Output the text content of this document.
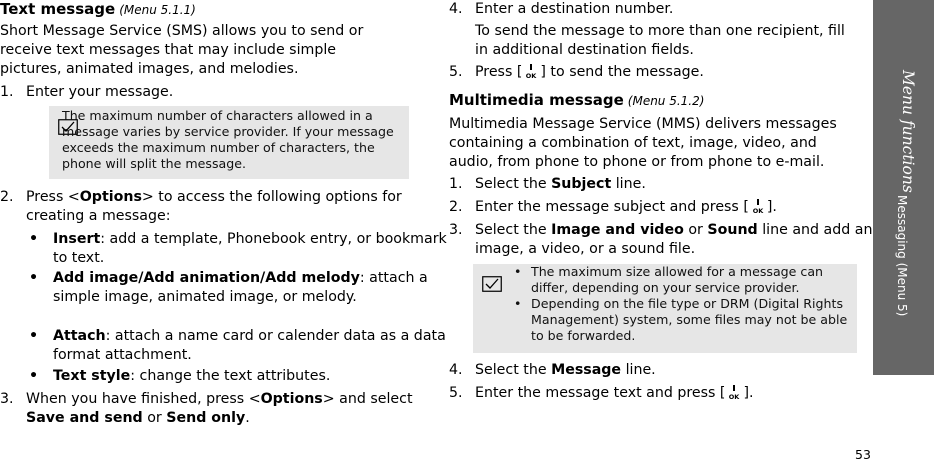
Text message (Menu 5.1.1)

Short Message Service (SMS) allows you to send or receive text messages that may include simple pictures, animated images, and melodies.

1. Enter your message.
The maximum number of characters allowed in a message varies by service provider. If your message exceeds the maximum number of characters, the phone will split the message.
2. Press <Options> to access the following options for creating a message:
• Insert: add a template, Phonebook entry, or bookmark to text.
• Add image/Add animation/Add melody: attach a simple image, animated image, or melody.
• Attach: attach a name card or calender data as a data format attachment.
• Text style: change the text attributes.
3. When you have finished, press <Options> and select Save and send or Send only.
4. Enter a destination number.

To send the message to more than one recipient, fill in additional destination fields.

5. Press [ OK ] to send the message.
Multimedia message (Menu 5.1.2)

Multimedia Message Service (MMS) delivers messages containing a combination of text, image, video, and audio, from phone to phone or from phone to e-mail.

1. Select the Subject line.
2. Enter the message subject and press [ OK ].
3. Select the Image and video or Sound line and add an image, a video, or a sound file.
• The maximum size allowed for a message can differ, depending on your service provider.
• Depending on the file type or DRM (Digital Rights Management) system, some files may not be able to be forwarded.
4. Select the Message line.
5. Enter the message text and press [ OK ].
Menu functions
Messaging (Menu 5)
53
